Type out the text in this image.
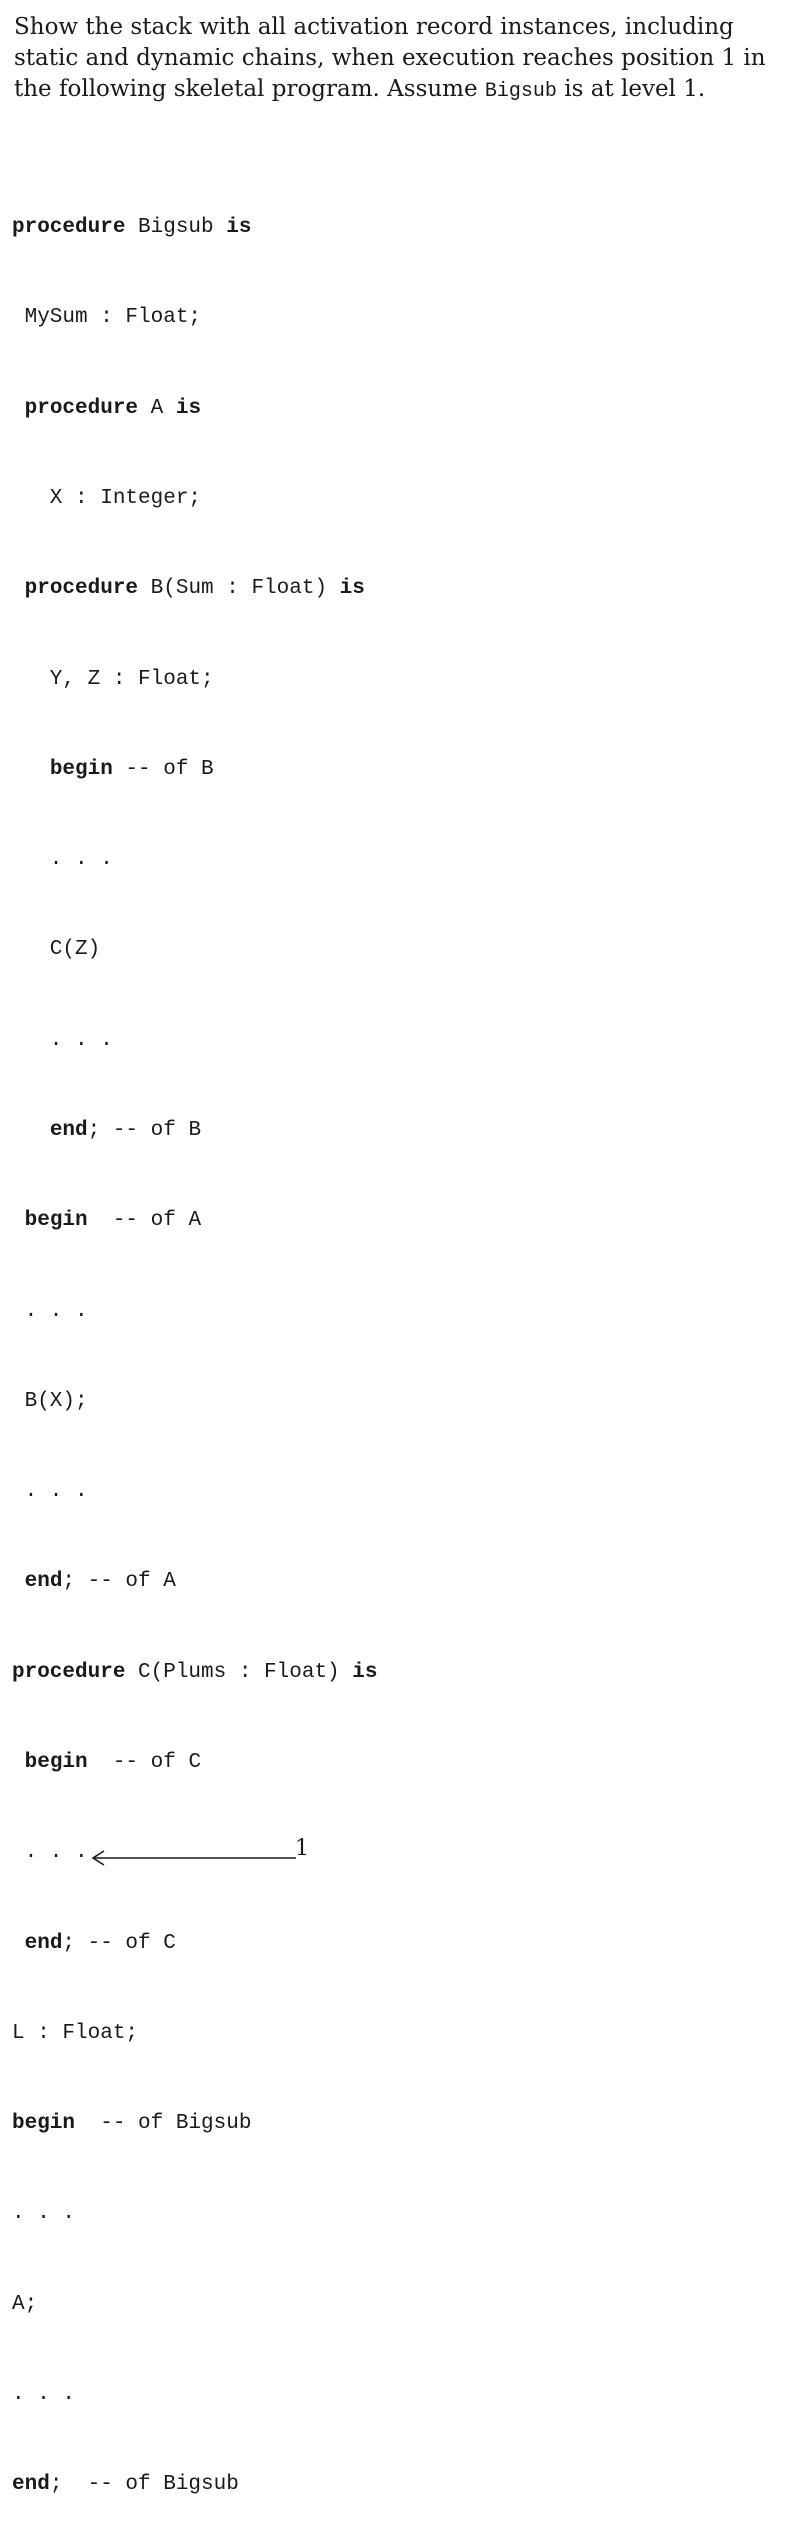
Show the stack with all activation record instances, including static and dynamic chains, when execution reaches position 1 in the following skeletal program. Assume Bigsub is at level 1.

procedure Bigsub is

MySum : Float;

procedure A is

X : Integer;

procedure B(Sum : Float) is

Y, Z : Float;

begin -- of B

. . .

C(Z)

. . .

end; -- of B

begin  -- of A

. . .

B(X);

. . .

end; -- of A

procedure C(Plums : Float) is

begin  -- of C

. . .	1

end; -- of C

L : Float;

begin  -- of Bigsub

. . .

A;

. . .

end;  -- of Bigsub
